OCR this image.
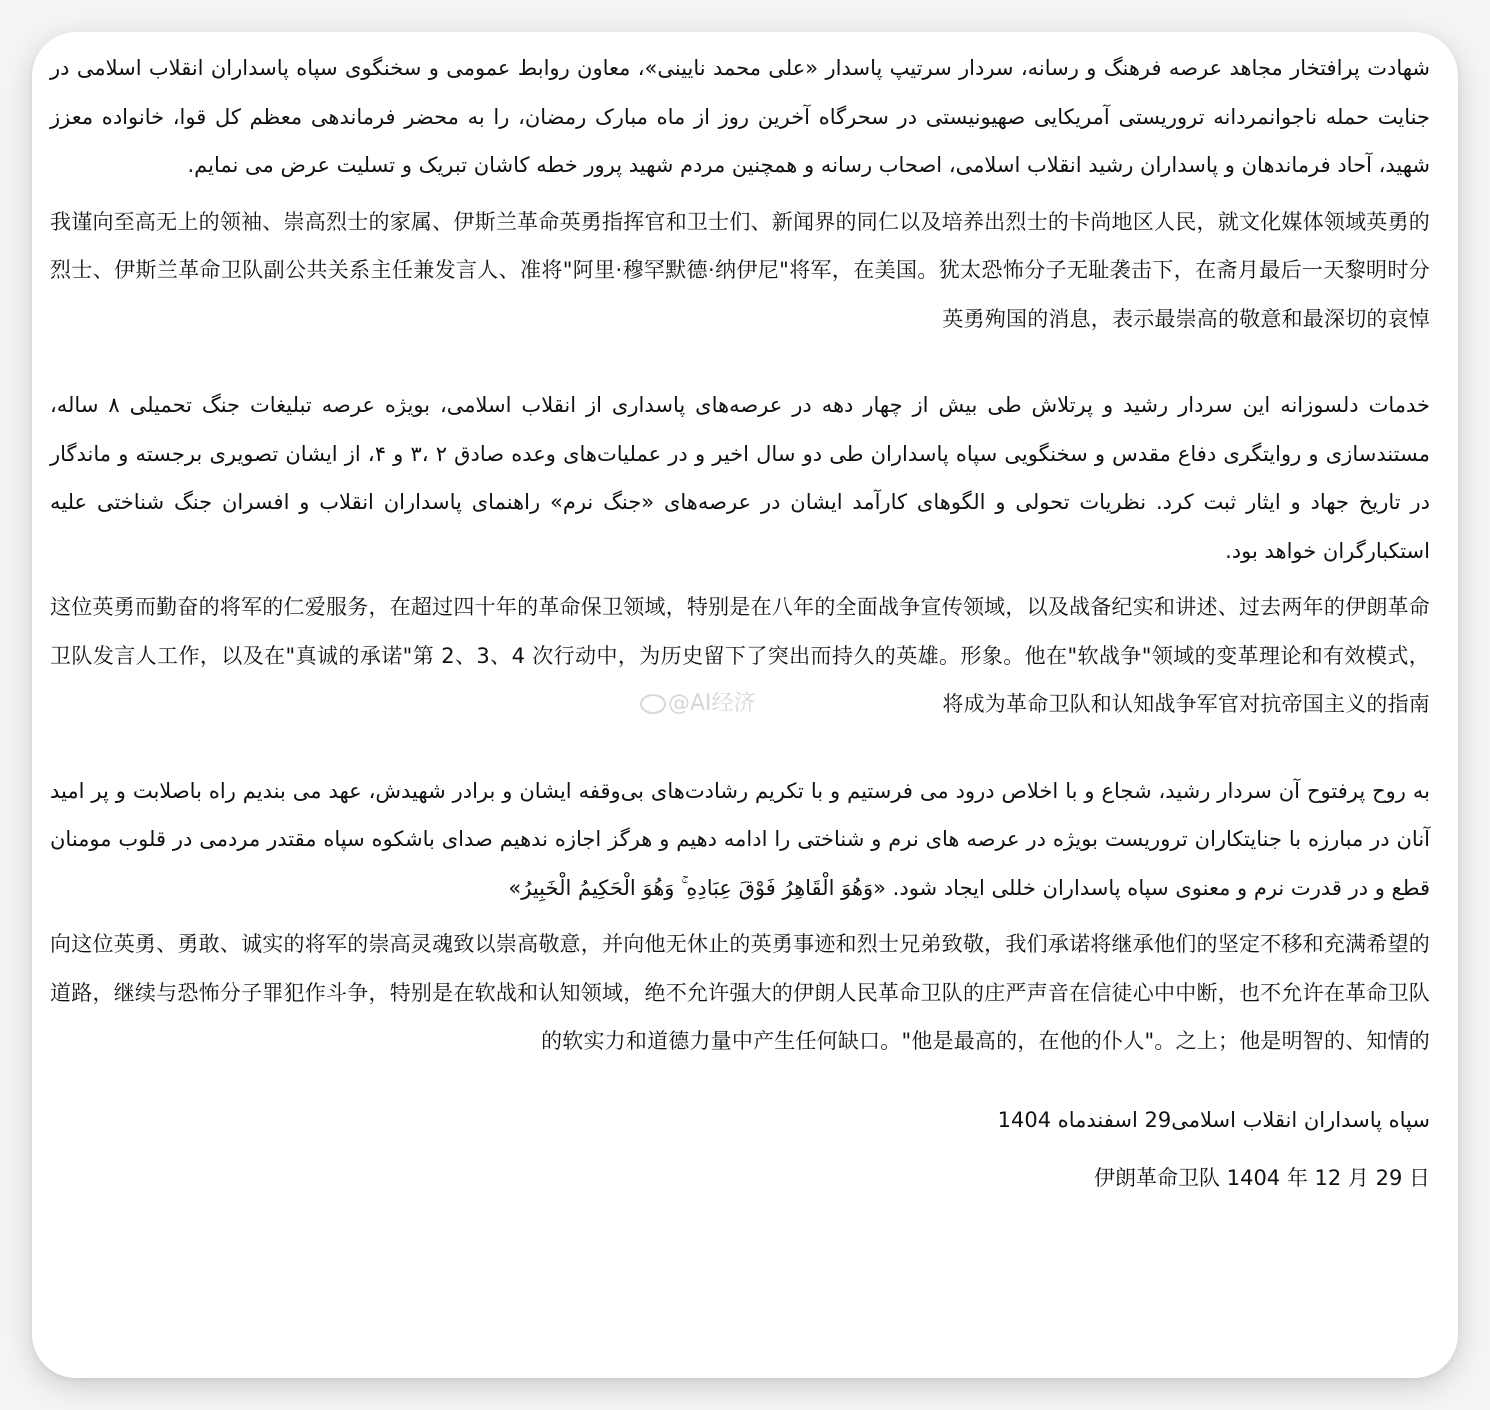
شهادت پرافتخار مجاهد عرصه فرهنگ و رسانه، سردار سرتیپ پاسدار «علی محمد نایینی»، معاون روابط عمومی و سخنگوی سپاه پاسداران انقلاب اسلامی در جنایت حمله ناجوانمردانه تروریستی آمریکایی صهیونیستی در سحرگاه آخرین روز از ماه مبارک رمضان، را به محضر فرماندهی معظم کل قوا، خانواده معزز شهید، آحاد فرماندهان و پاسداران رشید انقلاب اسلامی، اصحاب رسانه و همچنین مردم شهید پرور خطه کاشان تبریک و تسلیت عرض می نمایم.

我谨向至高无上的领袖、崇高烈士的家属、伊斯兰革命英勇指挥官和卫士们、新闻界的同仁以及培养出烈士的卡尚地区人民，就文化媒体领域英勇的烈士、伊斯兰革命卫队副公共关系主任兼发言人、准将"阿里·穆罕默德·纳伊尼"将军，在美国。犹太恐怖分子无耻袭击下，在斋月最后一天黎明时分英勇殉国的消息，表示最崇高的敬意和最深切的哀悼

خدمات دلسوزانه این سردار رشید و پرتلاش طی بیش از چهار دهه در عرصه‌های پاسداری از انقلاب اسلامی، بویژه عرصه تبلیغات جنگ تحمیلی ۸ ساله، مستندسازی و روایتگری دفاع مقدس و سخنگویی سپاه پاسداران طی دو سال اخیر و در عملیات‌های وعده صادق ۲ ،۳ و ۴، از ایشان تصویری برجسته و ماندگار در تاریخ جهاد و ایثار ثبت کرد. نظریات تحولی و الگوهای کارآمد ایشان در عرصه‌های «جنگ نرم» راهنمای پاسداران انقلاب و افسران جنگ شناختی علیه استکبارگران خواهد بود.

这位英勇而勤奋的将军的仁爱服务，在超过四十年的革命保卫领域，特别是在八年的全面战争宣传领域，以及战备纪实和讲述、过去两年的伊朗革命卫队发言人工作，以及在"真诚的承诺"第 2、3、4 次行动中，为历史留下了突出而持久的英雄。形象。他在"软战争"领域的变革理论和有效模式，将成为革命卫队和认知战争军官对抗帝国主义的指南

به روح پرفتوح آن سردار رشید، شجاع و با اخلاص درود می فرستیم و با تکریم رشادت‌های بی‌وقفه ایشان و برادر شهیدش، عهد می بندیم راه باصلابت و پر امید آنان در مبارزه با جنایتکاران تروریست بویژه در عرصه های نرم و شناختی را ادامه دهیم و هرگز اجازه ندهیم صدای باشکوه سپاه مقتدر مردمی در قلوب مومنان قطع و در قدرت نرم و معنوی سپاه پاسداران خللی ایجاد شود. «وَهُوَ الْقَاهِرُ فَوْقَ عِبَادِهِ ۚ وَهُوَ الْحَكِيمُ الْخَبِيرُ»

向这位英勇、勇敢、诚实的将军的崇高灵魂致以崇高敬意，并向他无休止的英勇事迹和烈士兄弟致敬，我们承诺将继承他们的坚定不移和充满希望的道路，继续与恐怖分子罪犯作斗争，特别是在软战和认知领域，绝不允许强大的伊朗人民革命卫队的庄严声音在信徒心中中断，也不允许在革命卫队的软实力和道德力量中产生任何缺口。"他是最高的，在他的仆人"。之上；他是明智的、知情的

سپاه پاسداران انقلاب اسلامی29 اسفندماه 1404

伊朗革命卫队 1404 年 12 月 29 日

@AI经济
